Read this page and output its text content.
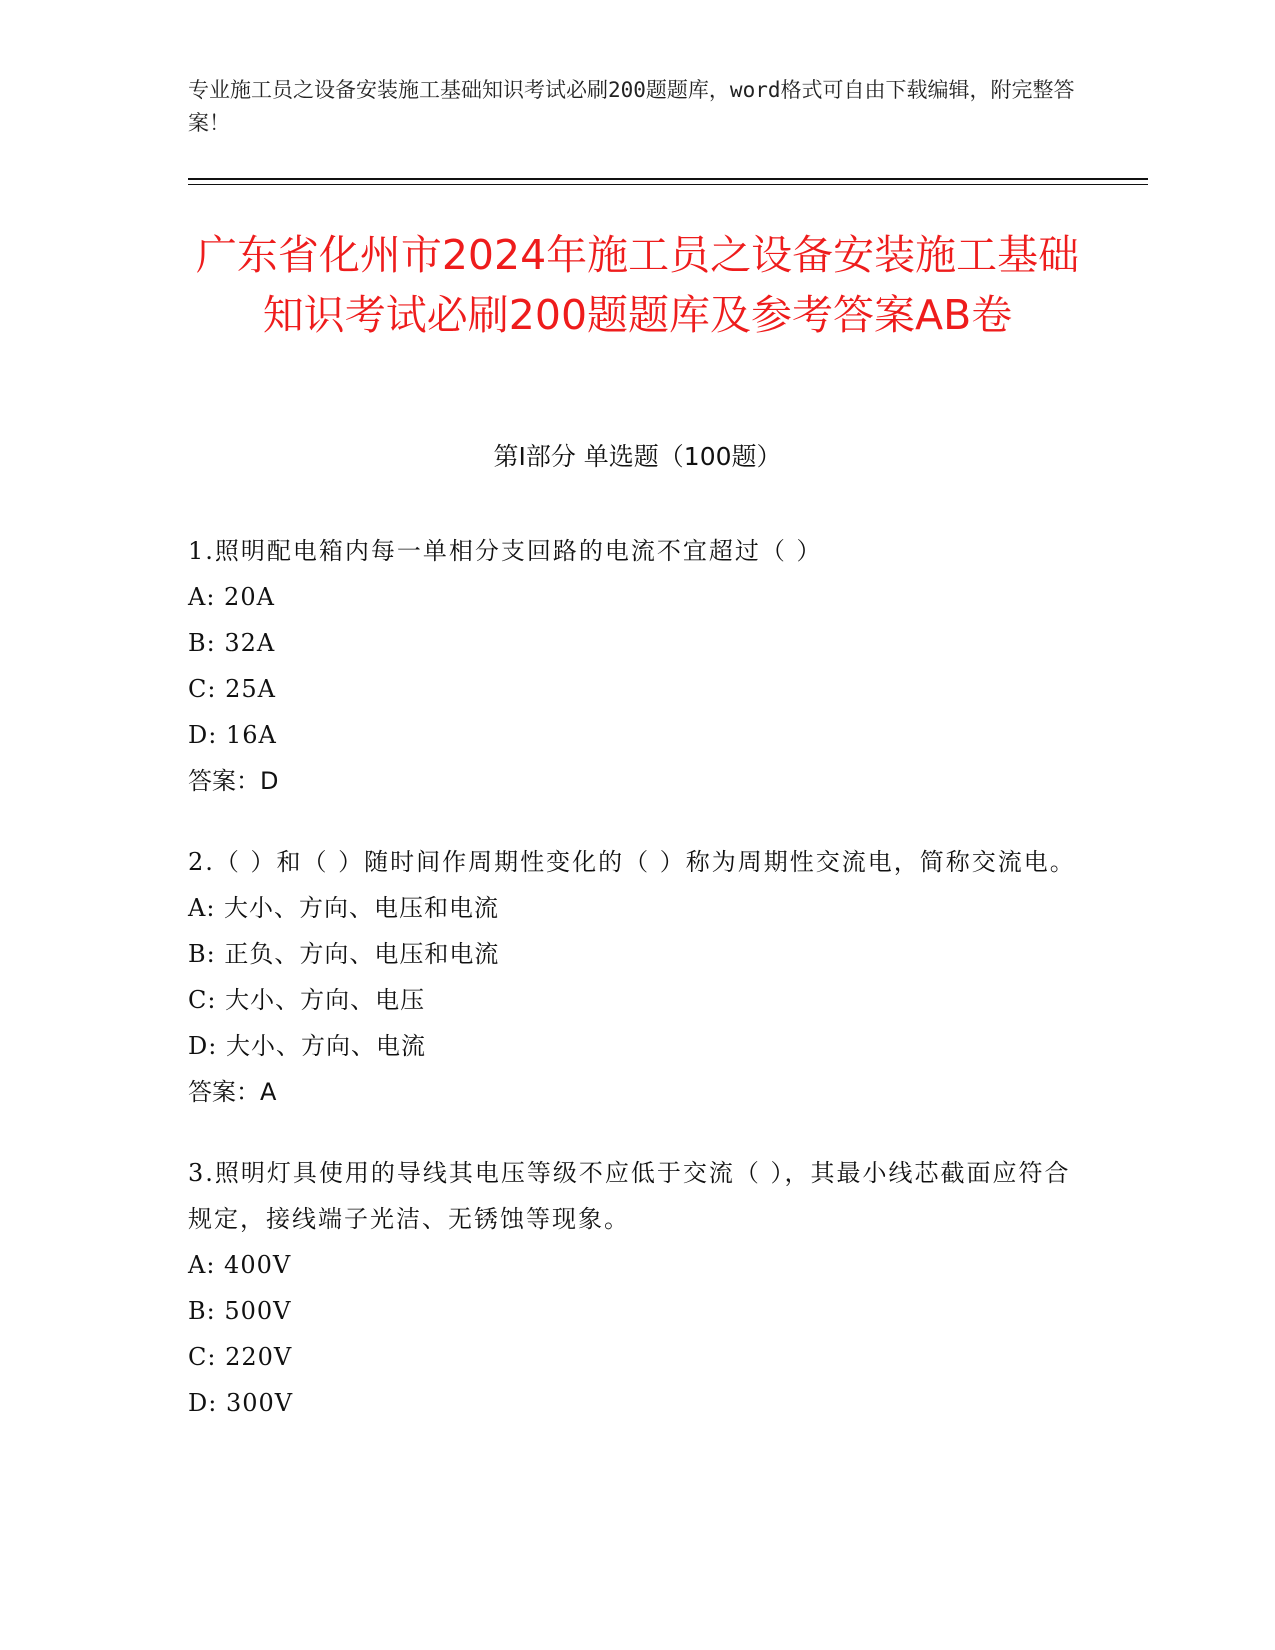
专业施工员之设备安装施工基础知识考试必刷200题题库，word格式可自由下载编辑，附完整答案！
广东省化州市2024年施工员之设备安装施工基础知识考试必刷200题题库及参考答案AB卷
第Ⅰ部分 单选题（100题）

1.照明配电箱内每一单相分支回路的电流不宜超过（ ）

A: 20A

B: 32A

C: 25A

D: 16A

答案：D

2.（ ）和（ ）随时间作周期性变化的（ ）称为周期性交流电，简称交流电。

A: 大小、方向、电压和电流

B: 正负、方向、电压和电流

C: 大小、方向、电压

D: 大小、方向、电流

答案：A

3.照明灯具使用的导线其电压等级不应低于交流（ ），其最小线芯截面应符合规定，接线端子光洁、无锈蚀等现象。

A: 400V

B: 500V

C: 220V

D: 300V
